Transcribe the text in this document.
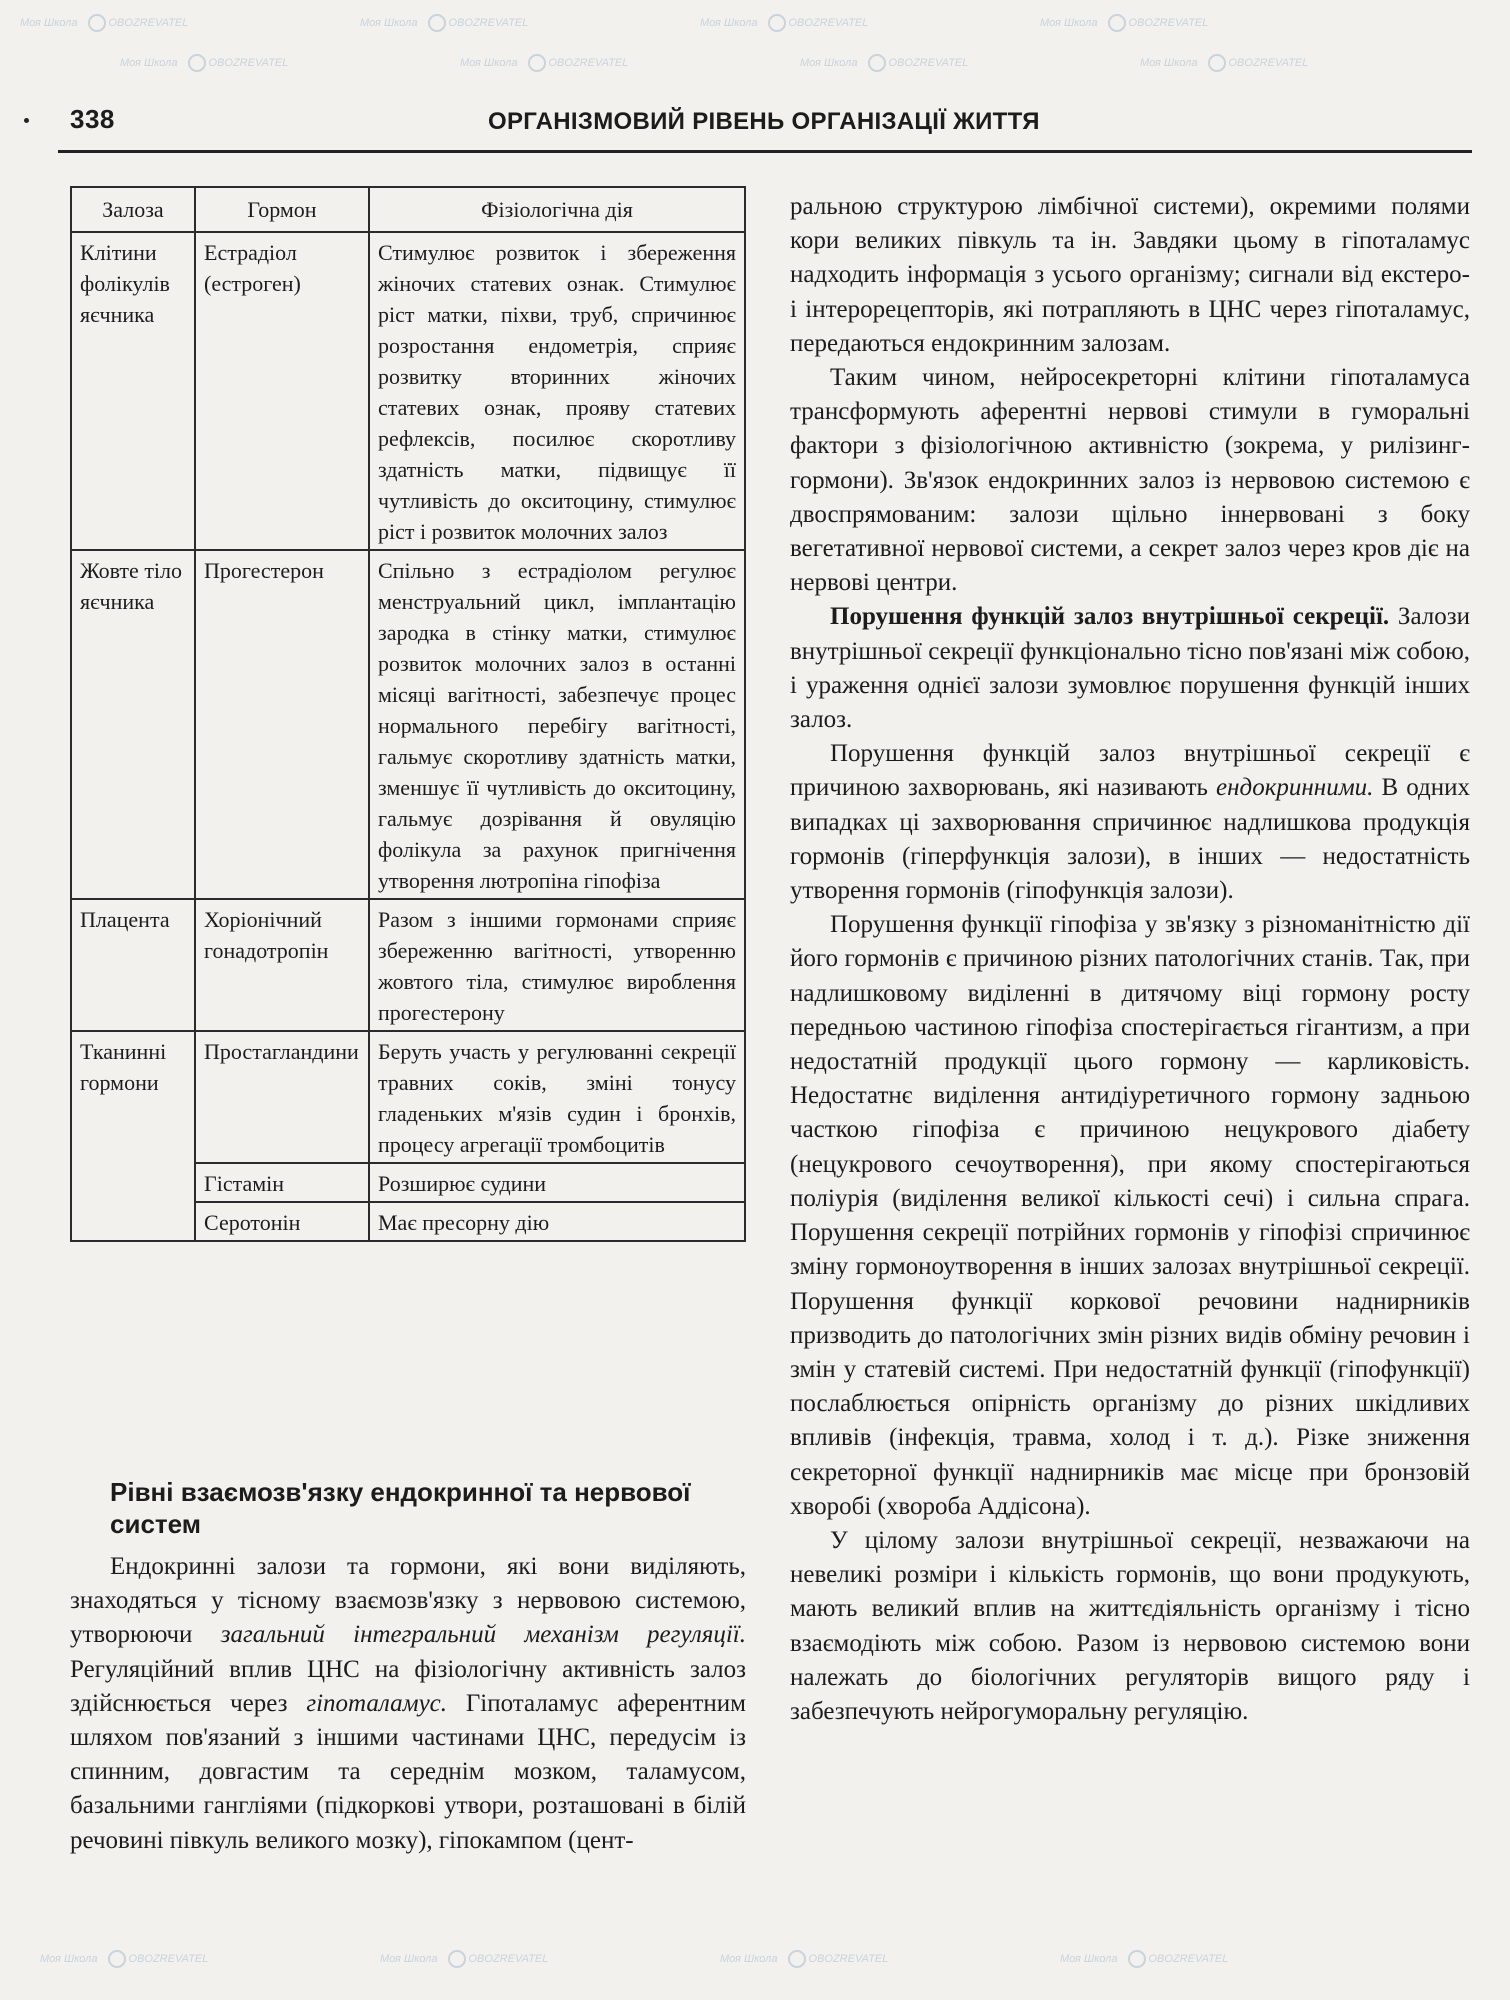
Моя Школа	OBOZREVATEL	Моя Школа	OBOZREVATEL	Моя Школа	OBOZREVATEL	Моя Школа	OBOZREVATEL
Моя Школа	OBOZREVATEL	Моя Школа	OBOZREVATEL	Моя Школа	OBOZREVATEL	Моя Школа	OBOZREVATEL
Моя Школа	OBOZREVATEL	Моя Школа	OBOZREVATEL	Моя Школа	OBOZREVATEL	Моя Школа	OBOZREVATEL
338	ОРГАНІЗМОВИЙ РІВЕНЬ ОРГАНІЗАЦІЇ ЖИТТЯ
Залоза	Гормон	Фізіологічна дія
Клітини фолікулів яєчника	Естрадіол (естроген)	Стимулює розвиток і збереження жіночих статевих ознак. Стимулює ріст матки, піхви, труб, спричинює розростання ендометрія, сприяє розвитку вторинних жіночих статевих ознак, прояву статевих рефлексів, посилює скоротливу здатність матки, підвищує її чутливість до окситоцину, стимулює ріст і розвиток молочних залоз
Жовте тіло яєчника	Прогестерон	Спільно з естрадіолом регулює менструальний цикл, імплантацію зародка в стінку матки, стимулює розвиток молочних залоз в останні місяці вагітності, забезпечує процес нормального перебігу вагітності, гальмує скоротливу здатність матки, зменшує її чутливість до окситоцину, гальмує дозрівання й овуляцію фолікула за рахунок пригнічення утворення лютропіна гіпофіза
Плацента	Хоріонічний гонадотропін	Разом з іншими гормонами сприяє збереженню вагітності, утворенню жовтого тіла, стимулює вироблення прогестерону
Тканинні гормони	Простагландини	Беруть участь у регулюванні секреції травних соків, зміні тонусу гладеньких м'язів судин і бронхів, процесу агрегації тромбоцитів
	Гістамін	Розширює судини
	Серотонін	Має пресорну дію
Рівні взаємозв'язку ендокринної та нервової систем

Ендокринні залози та гормони, які вони виділяють, знаходяться у тісному взаємозв'язку з нервовою системою, утворюючи загальний інтегральний механізм регуляції. Регуляційний вплив ЦНС на фізіологічну активність залоз здійснюється через гіпоталамус. Гіпоталамус аферентним шляхом пов'язаний з іншими частинами ЦНС, передусім із спинним, довгастим та середнім мозком, таламусом, базальними гангліями (підкоркові утвори, розташовані в білій речовині півкуль великого мозку), гіпокампом (цент-

ральною структурою лімбічної системи), окремими полями кори великих півкуль та ін. Завдяки цьому в гіпоталамус надходить інформація з усього організму; сигнали від екстеро- і інтерорецепторів, які потрапляють в ЦНС через гіпоталамус, передаються ендокринним залозам.

Таким чином, нейросекреторні клітини гіпоталамуса трансформують аферентні нервові стимули в гуморальні фактори з фізіологічною активністю (зокрема, у рилізинг-гормони). Зв'язок ендокринних залоз із нервовою системою є двоспрямованим: залози щільно іннервовані з боку вегетативної нервової системи, а секрет залоз через кров діє на нервові центри.

Порушення функцій залоз внутрішньої секреції. Залози внутрішньої секреції функціонально тісно пов'язані між собою, і ураження однієї залози зумовлює порушення функцій інших залоз.

Порушення функцій залоз внутрішньої секреції є причиною захворювань, які називають ендокринними. В одних випадках ці захворювання спричинює надлишкова продукція гормонів (гіперфункція залози), в інших — недостатність утворення гормонів (гіпофункція залози).

Порушення функції гіпофіза у зв'язку з різноманітністю дії його гормонів є причиною різних патологічних станів. Так, при надлишковому виділенні в дитячому віці гормону росту передньою частиною гіпофіза спостерігається гігантизм, а при недостатній продукції цього гормону — карликовість. Недостатнє виділення антидіуретичного гормону задньою часткою гіпофіза є причиною нецукрового діабету (нецукрового сечоутворення), при якому спостерігаються поліурія (виділення великої кількості сечі) і сильна спрага. Порушення секреції потрійних гормонів у гіпофізі спричинює зміну гормоноутворення в інших залозах внутрішньої секреції. Порушення функції коркової речовини наднирників призводить до патологічних змін різних видів обміну речовин і змін у статевій системі. При недостатній функції (гіпофункції) послаблюється опірність організму до різних шкідливих впливів (інфекція, травма, холод і т. д.). Різке зниження секреторної функції наднирників має місце при бронзовій хворобі (хвороба Аддісона).

У цілому залози внутрішньої секреції, незважаючи на невеликі розміри і кількість гормонів, що вони продукують, мають великий вплив на життєдіяльність організму і тісно взаємодіють між собою. Разом із нервовою системою вони належать до біологічних регуляторів вищого ряду і забезпечують нейрогуморальну регуляцію.
